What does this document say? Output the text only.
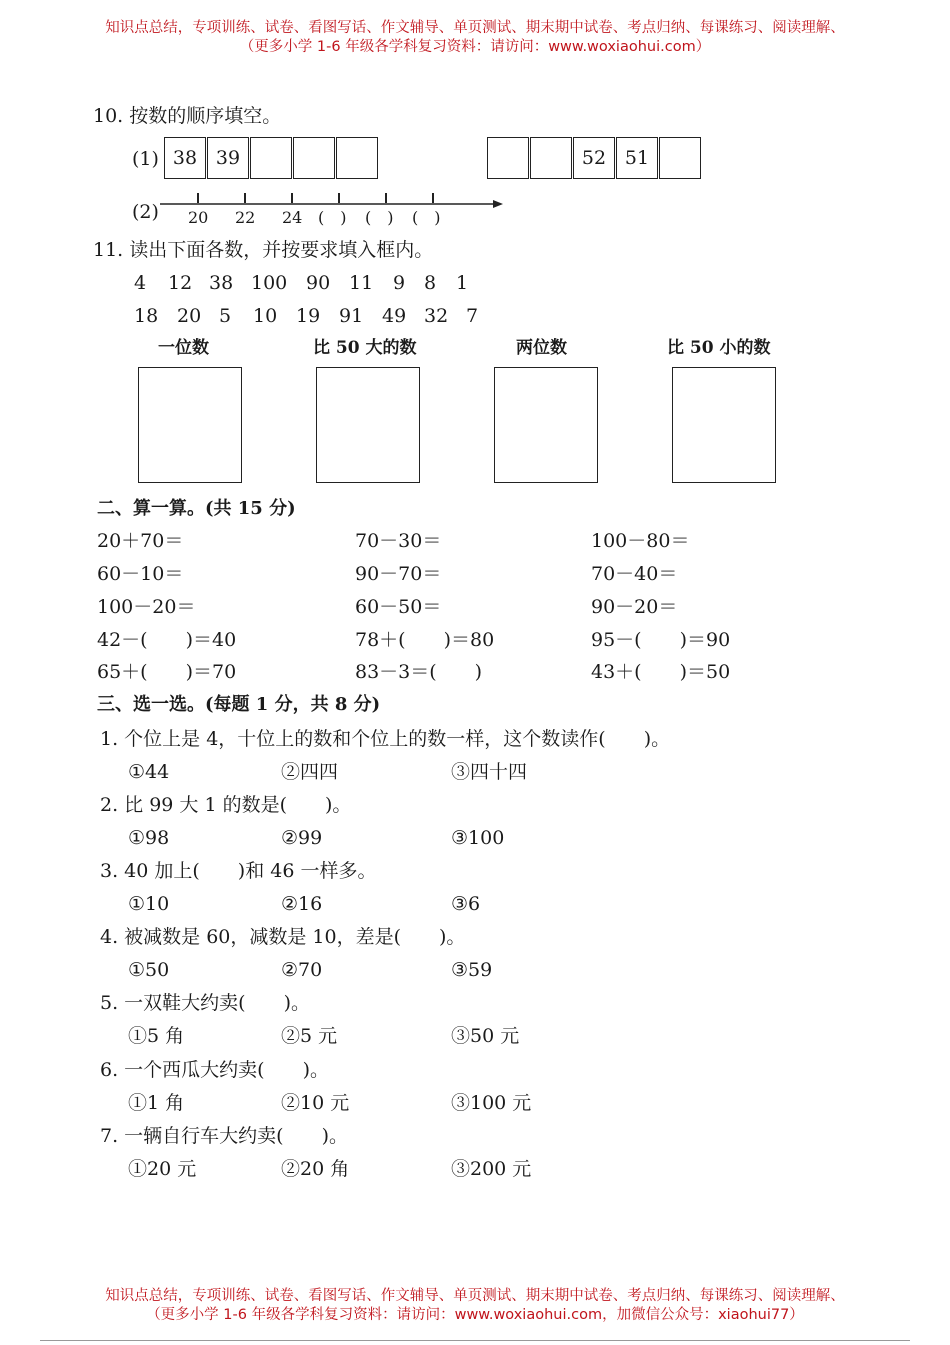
知识点总结，专项训练、试卷、看图写话、作文辅导、单页测试、期末期中试卷、考点归纳、每课练习、阅读理解、
（更多小学 1-6 年级各学科复习资料：请访问：www.woxiaohui.com）
10. 按数的顺序填空。
(1) 38 39	52 51
(2) 20 22 24 (　) (　) (　)
11. 读出下面各数，并按要求填入框内。
4 12 38 100 90 11 9 8 1
18 20 5 10 19 91 49 32 7
一位数	比 50 大的数	两位数	比 50 小的数
二、算一算。(共 15 分)
20＋70＝	70－30＝	100－80＝
60－10＝	90－70＝	70－40＝
100－20＝	60－50＝	90－20＝
42－(　　)＝40	78＋(　　)＝80	95－(　　)＝90
65＋(　　)＝70	83－3＝(　　)	43＋(　　)＝50
三、选一选。(每题 1 分，共 8 分)
1. 个位上是 4，十位上的数和个位上的数一样，这个数读作(　　)。
①44	②四四	③四十四
2. 比 99 大 1 的数是(　　)。
①98	②99	③100
3. 40 加上(　　)和 46 一样多。
①10	②16	③6
4. 被减数是 60，减数是 10，差是(　　)。
①50	②70	③59
5. 一双鞋大约卖(　　)。
①5 角	②5 元	③50 元
6. 一个西瓜大约卖(　　)。
①1 角	②10 元	③100 元
7. 一辆自行车大约卖(　　)。
①20 元	②20 角	③200 元
知识点总结，专项训练、试卷、看图写话、作文辅导、单页测试、期末期中试卷、考点归纳、每课练习、阅读理解、
（更多小学 1-6 年级各学科复习资料：请访问：www.woxiaohui.com，加微信公众号：xiaohui77）
